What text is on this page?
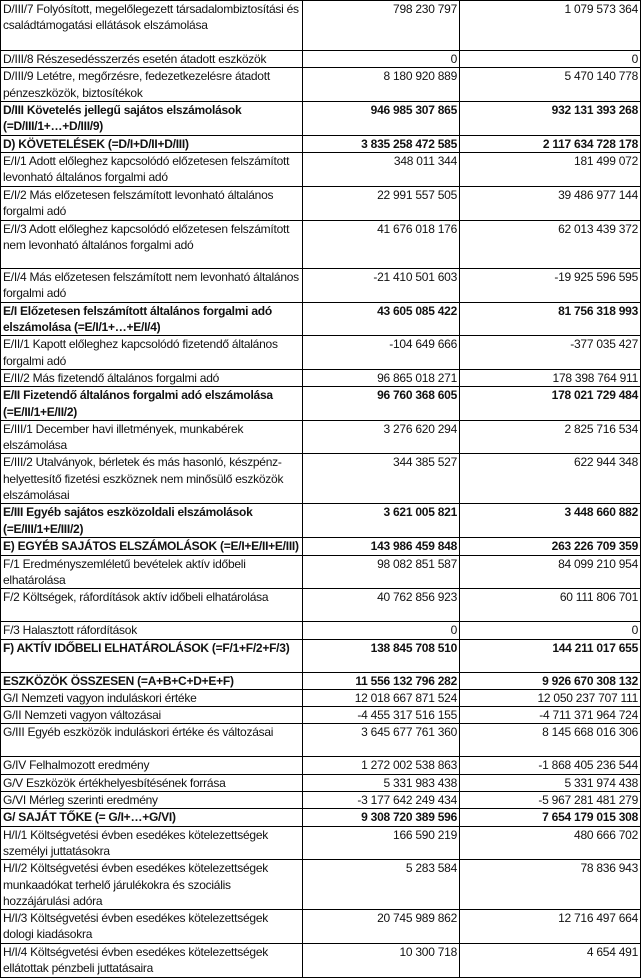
D/III/7 Folyósított, megelőlegezett társadalombiztosítási és családtámogatási ellátások elszámolása	798 230 797	1 079 573 364
D/III/8 Részesedésszerzés esetén átadott eszközök	0	0
D/III/9 Letétre, megőrzésre, fedezetkezelésre átadott pénzeszközök, biztosítékok	8 180 920 889	5 470 140 778
D/III Követelés jellegű sajátos elszámolások (=D/III/1+…+D/III/9)	946 985 307 865	932 131 393 268
D) KÖVETELÉSEK (=D/I+D/II+D/III)	3 835 258 472 585	2 117 634 728 178
E/I/1 Adott előleghez kapcsolódó előzetesen felszámított levonható általános forgalmi adó	348 011 344	181 499 072
E/I/2 Más előzetesen felszámított levonható általános forgalmi adó	22 991 557 505	39 486 977 144
E/I/3 Adott előleghez kapcsolódó előzetesen felszámított nem levonható általános forgalmi adó	41 676 018 176	62 013 439 372
E/I/4 Más előzetesen felszámított nem levonható általános forgalmi adó	-21 410 501 603	-19 925 596 595
E/I Előzetesen felszámított általános forgalmi adó elszámolása (=E/I/1+…+E/I/4)	43 605 085 422	81 756 318 993
E/II/1 Kapott előleghez kapcsolódó fizetendő általános forgalmi adó	-104 649 666	-377 035 427
E/II/2 Más fizetendő általános forgalmi adó	96 865 018 271	178 398 764 911
E/II Fizetendő általános forgalmi adó elszámolása (=E/II/1+E/II/2)	96 760 368 605	178 021 729 484
E/III/1 December havi illetmények, munkabérek elszámolása	3 276 620 294	2 825 716 534
E/III/2 Utalványok, bérletek és más hasonló, készpénz-helyettesítő fizetési eszköznek nem minősülő eszközök elszámolásai	344 385 527	622 944 348
E/III Egyéb sajátos eszközoldali elszámolások (=E/III/1+E/III/2)	3 621 005 821	3 448 660 882
E) EGYÉB SAJÁTOS ELSZÁMOLÁSOK (=E/I+E/II+E/III)	143 986 459 848	263 226 709 359
F/1 Eredményszemléletű bevételek aktív időbeli elhatárolása	98 082 851 587	84 099 210 954
F/2 Költségek, ráfordítások aktív időbeli elhatárolása	40 762 856 923	60 111 806 701
F/3 Halasztott ráfordítások	0	0
F) AKTÍV IDŐBELI ELHATÁROLÁSOK (=F/1+F/2+F/3)	138 845 708 510	144 211 017 655
ESZKÖZÖK ÖSSZESEN (=A+B+C+D+E+F)	11 556 132 796 282	9 926 670 308 132
G/I Nemzeti vagyon induláskori értéke	12 018 667 871 524	12 050 237 707 111
G/II Nemzeti vagyon változásai	-4 455 317 516 155	-4 711 371 964 724
G/III Egyéb eszközök induláskori értéke és változásai	3 645 677 761 360	8 145 668 016 306
G/IV Felhalmozott eredmény	1 272 002 538 863	-1 868 405 236 544
G/V Eszközök értékhelyesbítésének forrása	5 331 983 438	5 331 974 438
G/VI Mérleg szerinti eredmény	-3 177 642 249 434	-5 967 281 481 279
G/ SAJÁT TŐKE (= G/I+…+G/VI)	9 308 720 389 596	7 654 179 015 308
H/I/1 Költségvetési évben esedékes kötelezettségek személyi juttatásokra	166 590 219	480 666 702
H/I/2 Költségvetési évben esedékes kötelezettségek munkaadókat terhelő járulékokra és szociális hozzájárulási adóra	5 283 584	78 836 943
H/I/3 Költségvetési évben esedékes kötelezettségek dologi kiadásokra	20 745 989 862	12 716 497 664
H/I/4 Költségvetési évben esedékes kötelezettségek ellátottak pénzbeli juttatásaira	10 300 718	4 654 491
